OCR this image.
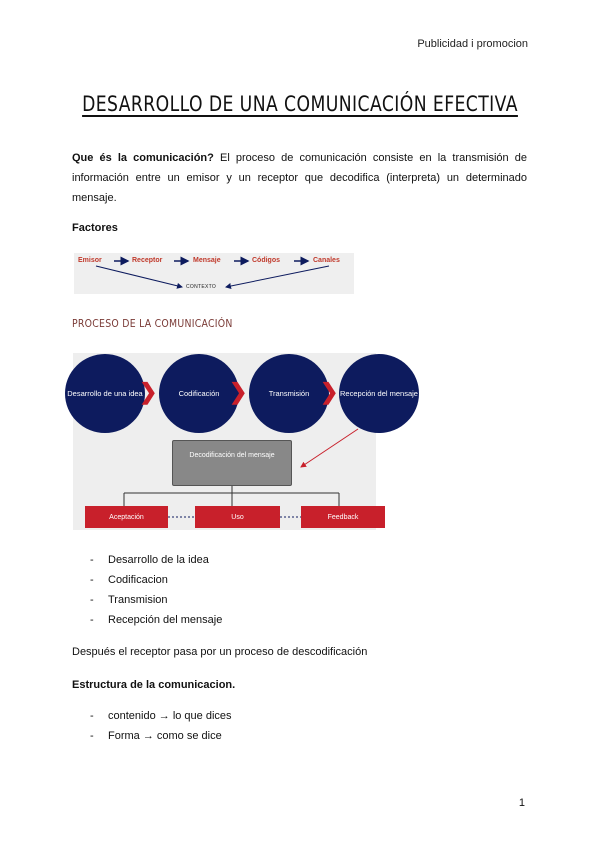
Publicidad i promocion
DESARROLLO DE UNA COMUNICACIÓN EFECTIVA

Que és la comunicación? El proceso de comunicación consiste en la transmisión de información entre un emisor y un receptor que decodifica (interpreta) un determinado mensaje.

Factores
Emisor	Receptor	Mensaje	Códigos	Canales
CONTEXTO
PROCESO DE LA COMUNICACIÓN
Desarrollo de una idea
❯	Codificación ❯	Transmisión ❯ Recepción del mensaje
Decodificación del mensaje
Aceptación	Uso	Feedback
- Desarrollo de la idea
- Codificacion
- Transmision
- Recepción del mensaje

Después el receptor pasa por un proceso de descodificación

Estructura de la comunicacion.
- contenido → lo que dices
- Forma → como se dice
1
